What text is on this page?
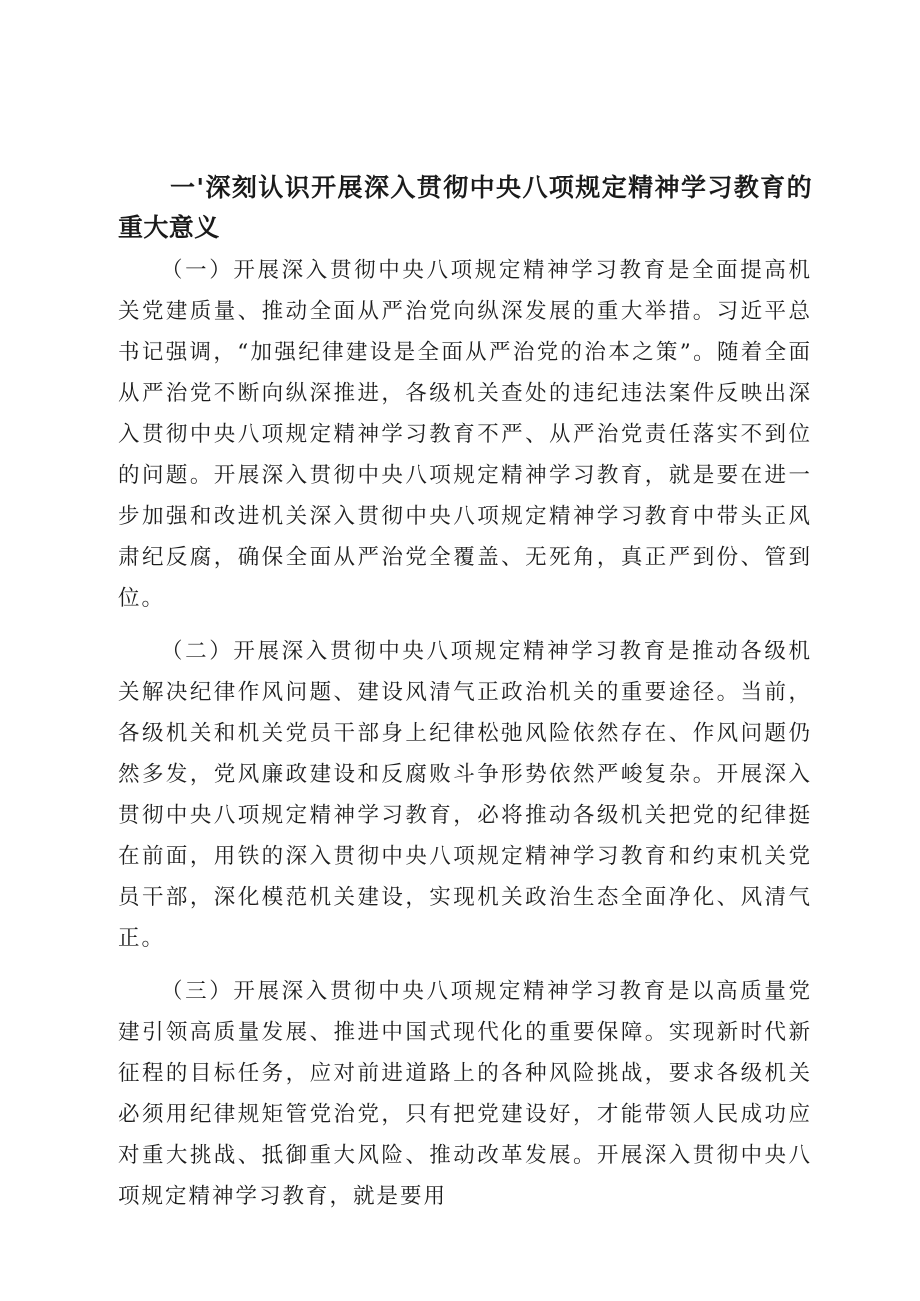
一'深刻认识开展深入贯彻中央八项规定精神学习教育的重大意义

（一）开展深入贯彻中央八项规定精神学习教育是全面提高机关党建质量、推动全面从严治党向纵深发展的重大举措。习近平总书记强调，“加强纪律建设是全面从严治党的治本之策”。随着全面从严治党不断向纵深推进，各级机关查处的违纪违法案件反映出深入贯彻中央八项规定精神学习教育不严、从严治党责任落实不到位的问题。开展深入贯彻中央八项规定精神学习教育，就是要在进一步加强和改进机关深入贯彻中央八项规定精神学习教育中带头正风肃纪反腐，确保全面从严治党全覆盖、无死角，真正严到份、管到位。

（二）开展深入贯彻中央八项规定精神学习教育是推动各级机关解决纪律作风问题、建设风清气正政治机关的重要途径。当前，各级机关和机关党员干部身上纪律松弛风险依然存在、作风问题仍然多发，党风廉政建设和反腐败斗争形势依然严峻复杂。开展深入贯彻中央八项规定精神学习教育，必将推动各级机关把党的纪律挺在前面，用铁的深入贯彻中央八项规定精神学习教育和约束机关党员干部，深化模范机关建设，实现机关政治生态全面净化、风清气正。

（三）开展深入贯彻中央八项规定精神学习教育是以高质量党建引领高质量发展、推进中国式现代化的重要保障。实现新时代新征程的目标任务，应对前进道路上的各种风险挑战，要求各级机关必须用纪律规矩管党治党，只有把党建设好，才能带领人民成功应对重大挑战、抵御重大风险、推动改革发展。开展深入贯彻中央八项规定精神学习教育，就是要用
